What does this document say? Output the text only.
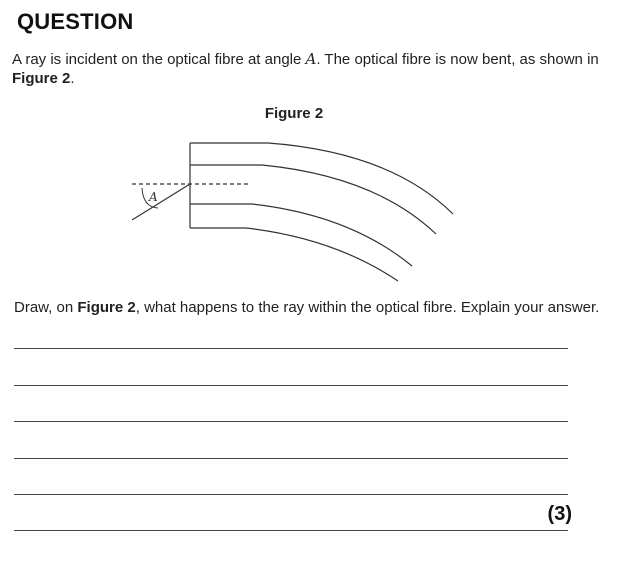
QUESTION
A ray is incident on the optical fibre at angle A. The optical fibre is now bent, as shown in Figure 2.
Figure 2
A
Draw, on Figure 2, what happens to the ray within the optical fibre. Explain your answer.
(3)
